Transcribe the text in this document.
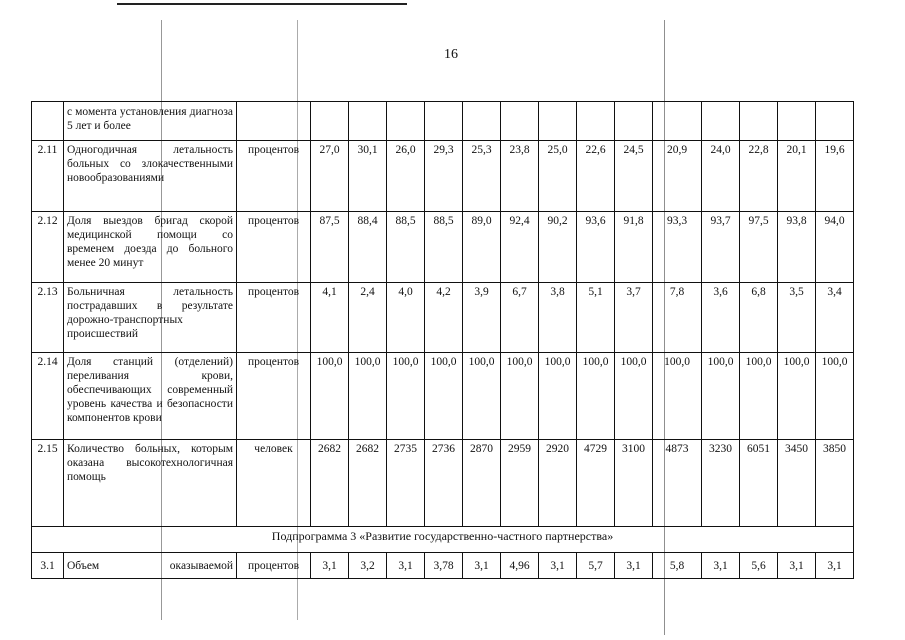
16
	с момента установления диагноза 5 лет и более															
2.11	Одногодичная летальность больных со злокачественными новообразованиями	процентов	27,0	30,1	26,0	29,3	25,3	23,8	25,0	22,6	24,5	20,9	24,0	22,8	20,1	19,6
2.12	Доля выездов бригад скорой медицинской помощи со временем доезда до больного менее 20 минут	процентов	87,5	88,4	88,5	88,5	89,0	92,4	90,2	93,6	91,8	93,3	93,7	97,5	93,8	94,0
2.13	Больничная летальность пострадавших в результате дорожно-транспортных происшествий	процентов	4,1	2,4	4,0	4,2	3,9	6,7	3,8	5,1	3,7	7,8	3,6	6,8	3,5	3,4
2.14	Доля станций (отделений) переливания крови, обеспечивающих современный уровень качества и безопасности компонентов крови	процентов	100,0	100,0	100,0	100,0	100,0	100,0	100,0	100,0	100,0	100,0	100,0	100,0	100,0	100,0
2.15	Количество больных, которым оказана высокотехнологичная помощь	человек	2682	2682	2735	2736	2870	2959	2920	4729	3100	4873	3230	6051	3450	3850
Подпрограмма 3 «Развитие государственно-частного партнерства»																
3.1	Объем оказываемой	процентов	3,1	3,2	3,1	3,78	3,1	4,96	3,1	5,7	3,1	5,8	3,1	5,6	3,1	3,1
